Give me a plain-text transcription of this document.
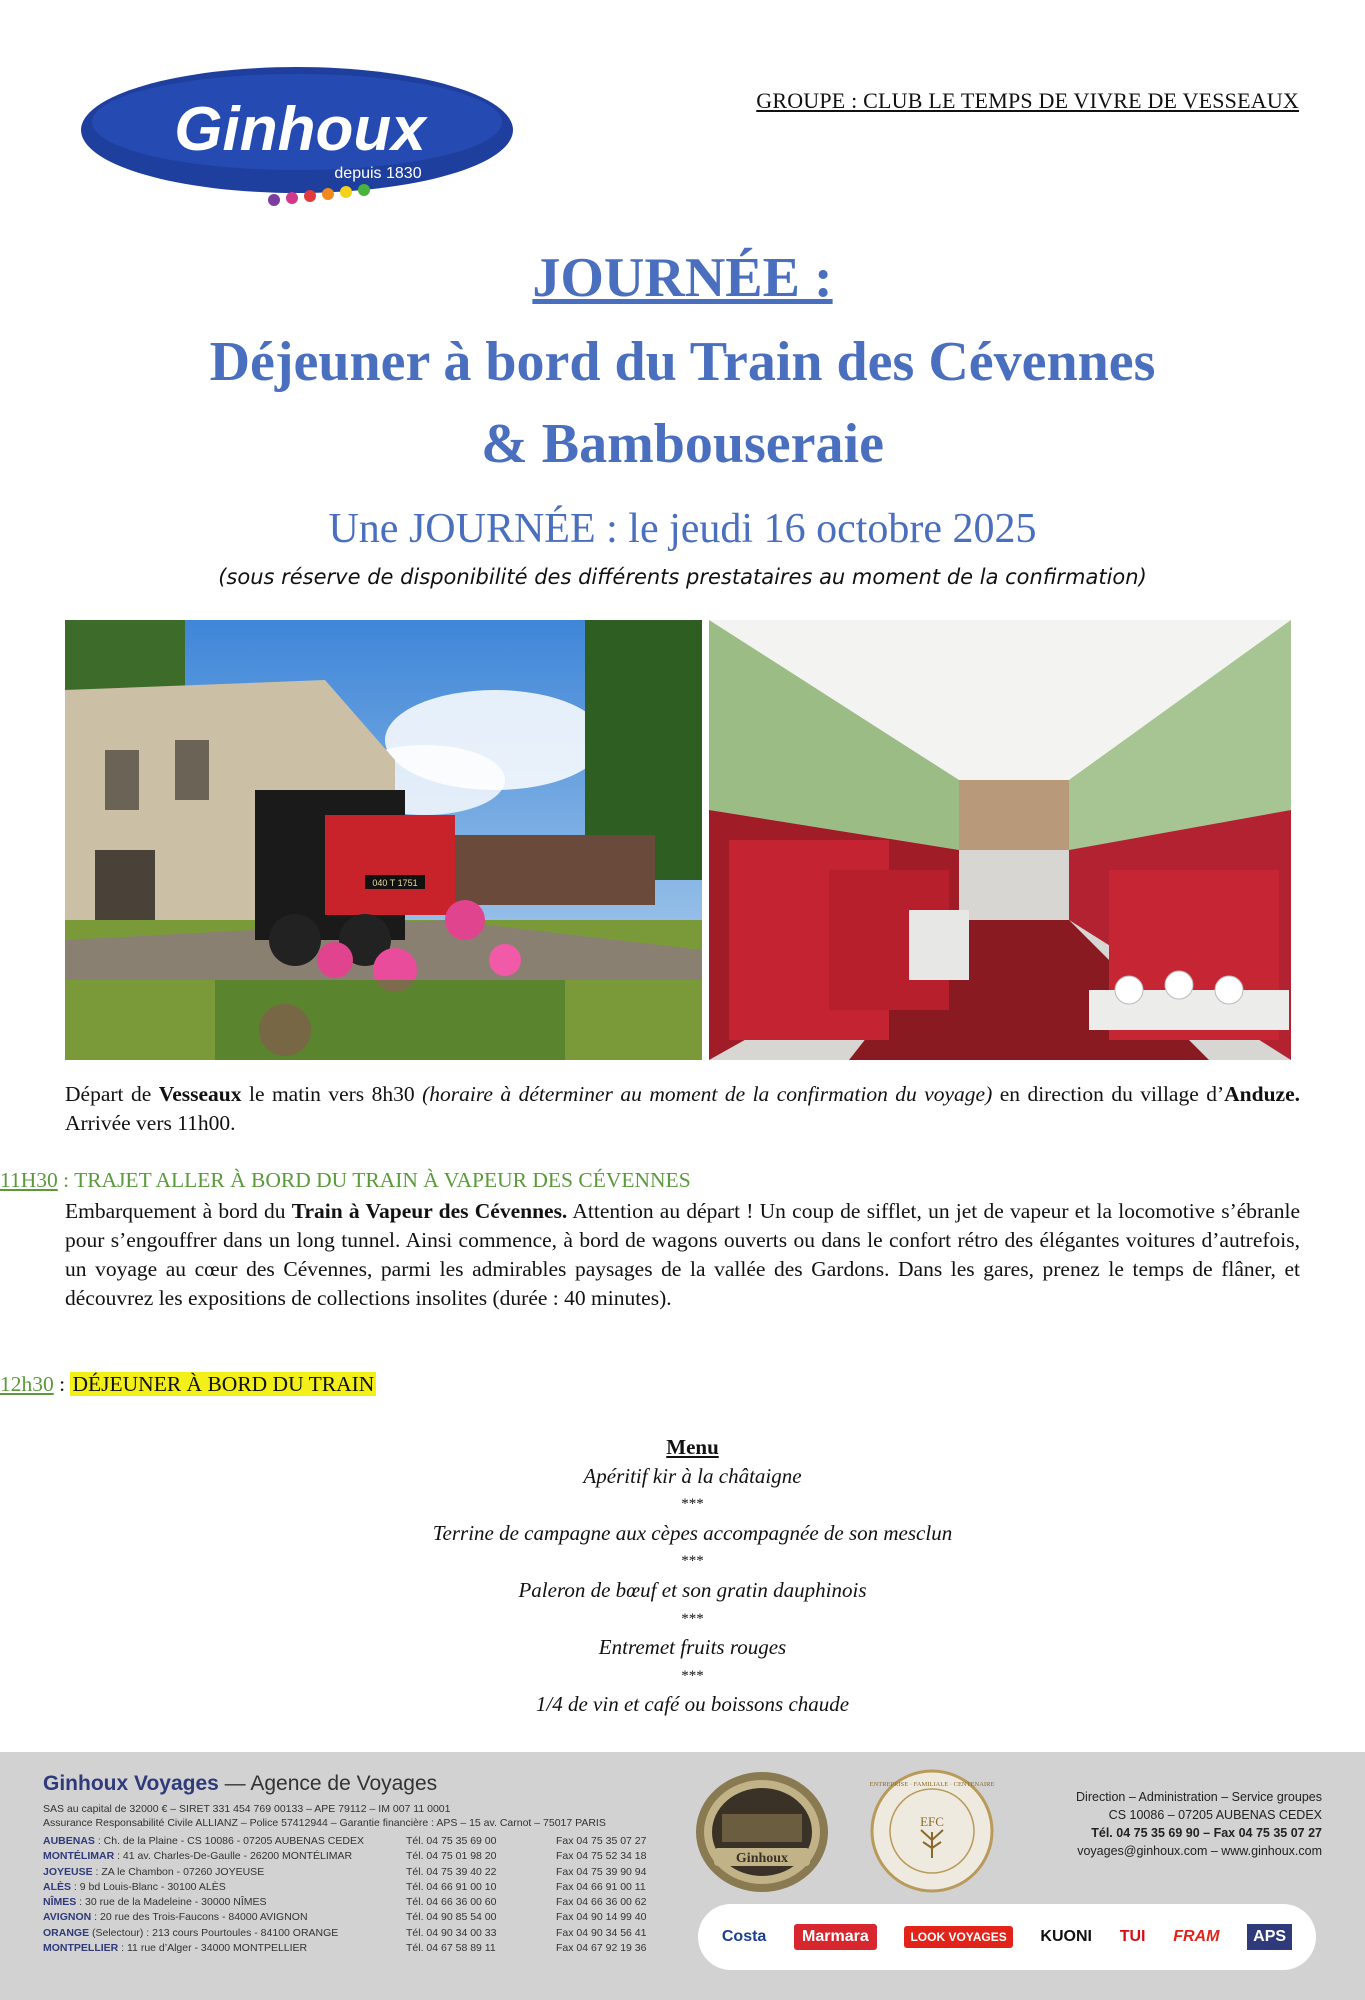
Ginhoux
depuis 1830
GROUPE : CLUB LE TEMPS DE VIVRE DE VESSEAUX
JOURNÉE :
Déjeuner à bord du Train des Cévennes
& Bambouseraie
Une JOURNÉE : le jeudi 16 octobre 2025
(sous réserve de disponibilité des différents prestataires au moment de la confirmation)
040 T 1751
Départ de Vesseaux le matin vers 8h30 (horaire à déterminer au moment de la confirmation du voyage) en direction du village d’Anduze. Arrivée vers 11h00.
11H30 : TRAJET ALLER À BORD DU TRAIN À VAPEUR DES CÉVENNES
Embarquement à bord du Train à Vapeur des Cévennes. Attention au départ ! Un coup de sifflet, un jet de vapeur et la locomotive s’ébranle pour s’engouffrer dans un long tunnel. Ainsi commence, à bord de wagons ouverts ou dans le confort rétro des élégantes voitures d’autrefois, un voyage au cœur des Cévennes, parmi les admirables paysages de la vallée des Gardons. Dans les gares, prenez le temps de flâner, et découvrez les expositions de collections insolites (durée : 40 minutes).
12h30 : DÉJEUNER À BORD DU TRAIN
Menu
Apéritif kir à la châtaigne
***
Terrine de campagne aux cèpes accompagnée de son mesclun
***
Paleron de bœuf et son gratin dauphinois
***
Entremet fruits rouges
***
1/4 de vin et café ou boissons chaude
Ginhoux Voyages — Agence de Voyages
SAS au capital de 32000 € – SIRET 331 454 769 00133 – APE 79112 – IM 007 11 0001
Assurance Responsabilité Civile ALLIANZ – Police 57412944 – Garantie financière : APS – 15 av. Carnot – 75017 PARIS
AUBENAS : Ch. de la Plaine - CS 10086 - 07205 AUBENAS CEDEX	Tél. 04 75 35 69 00	Fax 04 75 35 07 27
MONTÉLIMAR : 41 av. Charles-De-Gaulle - 26200 MONTÉLIMAR	Tél. 04 75 01 98 20	Fax 04 75 52 34 18
JOYEUSE : ZA le Chambon - 07260 JOYEUSE	Tél. 04 75 39 40 22	Fax 04 75 39 90 94
ALÈS : 9 bd Louis-Blanc - 30100 ALÈS	Tél. 04 66 91 00 10	Fax 04 66 91 00 11
NÎMES : 30 rue de la Madeleine - 30000 NÎMES	Tél. 04 66 36 00 60	Fax 04 66 36 00 62
AVIGNON : 20 rue des Trois-Faucons - 84000 AVIGNON	Tél. 04 90 85 54 00	Fax 04 90 14 99 40
ORANGE (Selectour) : 213 cours Pourtoules - 84100 ORANGE	Tél. 04 90 34 00 33	Fax 04 90 34 56 41
MONTPELLIER : 11 rue d’Alger - 34000 MONTPELLIER	Tél. 04 67 58 89 11	Fax 04 67 92 19 36
Ginhoux
EFC
ENTREPRISE · FAMILIALE · CENTENAIRE
Direction – Administration – Service groupes
CS 10086 – 07205 AUBENAS CEDEX
Tél. 04 75 35 69 90 – Fax 04 75 35 07 27
voyages@ginhoux.com – www.ginhoux.com
Costa	Marmara	LOOK VOYAGES	KUONI TUI FRAM	APS
